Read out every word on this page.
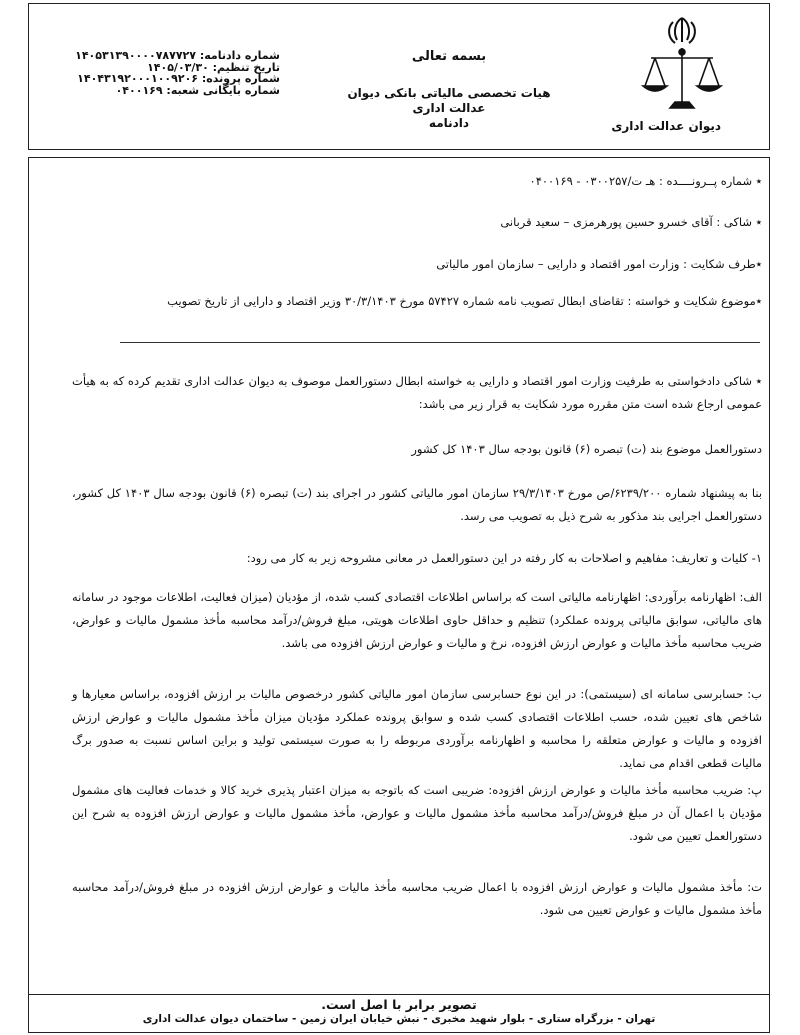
دیوان عدالت اداری
بسمه تعالی
هیات تخصصی مالیاتی بانکی دیوان عدالت اداری
دادنامه
شماره دادنامه: ۱۴۰۵۳۱۳۹۰۰۰۰۷۸۷۷۲۷
تاریخ تنظیم: ۱۴۰۵/۰۳/۳۰
شماره پرونده: ۱۴۰۴۳۱۹۲۰۰۰۱۰۰۹۲۰۶
شماره بایگانی شعبه: ۰۴۰۰۱۶۹
٭ شماره پــرونــــده : هـ ت/۰۳۰۰۲۵۷ - ۰۴۰۰۱۶۹
٭ شاکی : آقای خسرو حسین پورهرمزی – سعید قربانی
٭طرف شکایت : وزارت امور اقتصاد و دارایی – سازمان امور مالیاتی
٭موضوع شکایت و خواسته : تقاضای ابطال تصویب نامه شماره ۵۷۴۲۷ مورخ ۳۰/۳/۱۴۰۳ وزیر اقتصاد و دارایی از تاریخ تصویب
٭ شاکی دادخواستی به طرفیت وزارت امور اقتصاد و دارایی به خواسته ابطال دستورالعمل موصوف به دیوان عدالت اداری تقدیم کرده که به هیأت عمومی ارجاع شده است متن مقرره مورد شکایت به قرار زیر می باشد:
دستورالعمل موضوع بند (ت) تبصره (۶) قانون بودجه سال ۱۴۰۳ کل کشور
بنا به پیشنهاد شماره ۶۲۳۹/۲۰۰/ص مورخ ۲۹/۳/۱۴۰۳ سازمان امور مالیاتی کشور در اجرای بند (ت) تبصره (۶) قانون بودجه سال ۱۴۰۳ کل کشور، دستورالعمل اجرایی بند مذکور به شرح ذیل به تصویب می رسد.
۱- کلیات و تعاریف: مفاهیم و اصلاحات به کار رفته در این دستورالعمل در معانی مشروحه زیر به کار می رود:
الف: اظهارنامه برآوردی: اظهارنامه مالیاتی است که براساس اطلاعات اقتصادی کسب شده، از مؤدیان (میزان فعالیت، اطلاعات موجود در سامانه های مالیاتی، سوابق مالیاتی پرونده عملکرد) تنظیم و حداقل حاوی اطلاعات هویتی، مبلغ فروش/درآمد محاسبه مأخذ مشمول مالیات و عوارض، ضریب محاسبه مأخذ مالیات و عوارض ارزش افزوده، نرخ و مالیات و عوارض ارزش افزوده می باشد.
ب: حسابرسی سامانه ای (سیستمی): در این نوع حسابرسی سازمان امور مالیاتی کشور درخصوص مالیات بر ارزش افزوده، براساس معیارها و شاخص های تعیین شده، حسب اطلاعات اقتصادی کسب شده و سوابق پرونده عملکرد مؤدیان میزان مأخذ مشمول مالیات و عوارض ارزش افزوده و مالیات و عوارض متعلقه را محاسبه و اظهارنامه برآوردی مربوطه را به صورت سیستمی تولید و براین اساس نسبت به صدور برگ مالیات قطعی اقدام می نماید.
پ: ضریب محاسبه مأخذ مالیات و عوارض ارزش افزوده: ضریبی است که باتوجه به میزان اعتبار پذیری خرید کالا و خدمات فعالیت های مشمول مؤدیان با اعمال آن در مبلغ فروش/درآمد محاسبه مأخذ مشمول مالیات و عوارض، مأخذ مشمول مالیات و عوارض ارزش افزوده به شرح این دستورالعمل تعیین می شود.
ت: مأخذ مشمول مالیات و عوارض ارزش افزوده با اعمال ضریب محاسبه مأخذ مالیات و عوارض ارزش افزوده در مبلغ فروش/درآمد محاسبه مأخذ مشمول مالیات و عوارض تعیین می شود.
تصویر برابر با اصل است.
تهران - بزرگراه ستاری - بلوار شهید مخبری - نبش خیابان ایران زمین - ساختمان دیوان عدالت اداری
